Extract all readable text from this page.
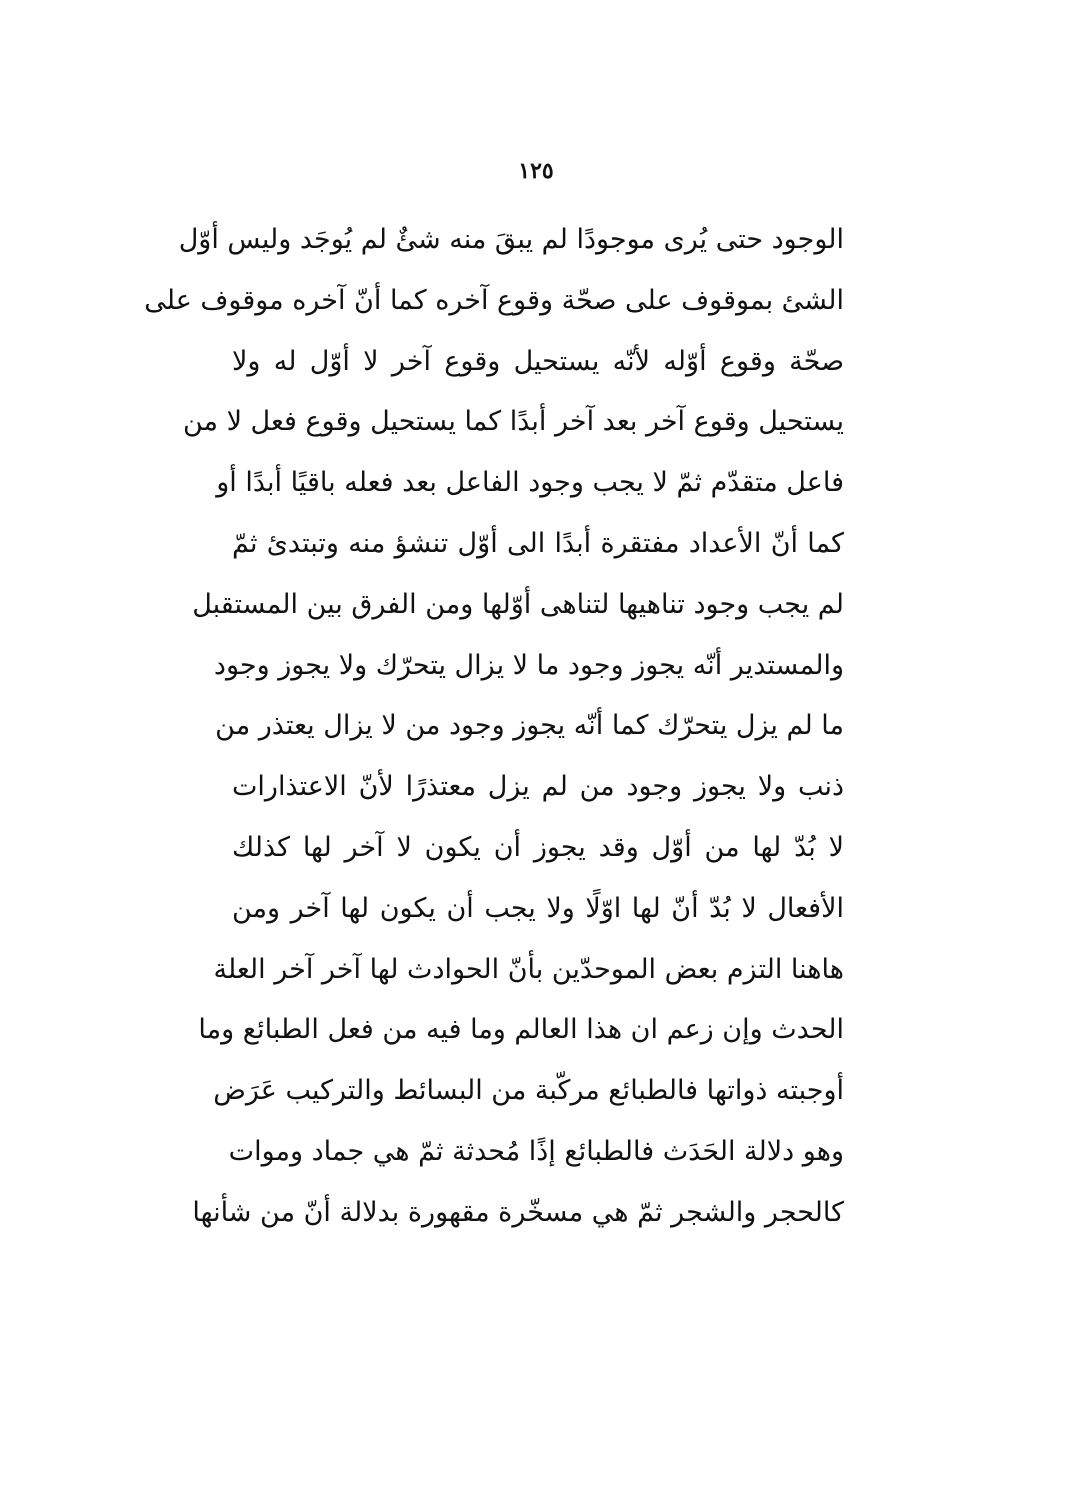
١٢٥
الوجود حتى يُرى موجودًا لم يبقَ منه شئٌ لم يُوجَد وليس أوّل
الشئ بموقوف على صحّة وقوع آخره كما أنّ آخره موقوف على
صحّة وقوع أوّله لأنّه يستحيل وقوع آخر لا أوّل له ولا
يستحيل وقوع آخر بعد آخر أبدًا كما يستحيل وقوع فعل لا من
فاعل متقدّم ثمّ لا يجب وجود الفاعل بعد فعله باقيًا أبدًا أو
كما أنّ الأعداد مفتقرة أبدًا الى أوّل تنشؤ منه وتبتدئ ثمّ
لم يجب وجود تناهيها لتناهى أوّلها ومن الفرق بين المستقبل
والمستدير أنّه يجوز وجود ما لا يزال يتحرّك ولا يجوز وجود
ما لم يزل يتحرّك كما أنّه يجوز وجود من لا يزال يعتذر من
ذنب ولا يجوز وجود من لم يزل معتذرًا لأنّ الاعتذارات
لا بُدّ لها من أوّل وقد يجوز أن يكون لا آخر لها كذلك
الأفعال لا بُدّ أنّ لها اوّلًا ولا يجب أن يكون لها آخر ومن
هاهنا التزم بعض الموحدّين بأنّ الحوادث لها آخر آخر العلة
الحدث وإن زعم ان هذا العالم وما فيه من فعل الطبائع وما
أوجبته ذواتها فالطبائع مركّبة من البسائط والتركيب عَرَض
وهو دلالة الحَدَث فالطبائع إذًا مُحدثة ثمّ هي جماد وموات
كالحجر والشجر ثمّ هي مسخّرة مقهورة بدلالة أنّ من شأنها
